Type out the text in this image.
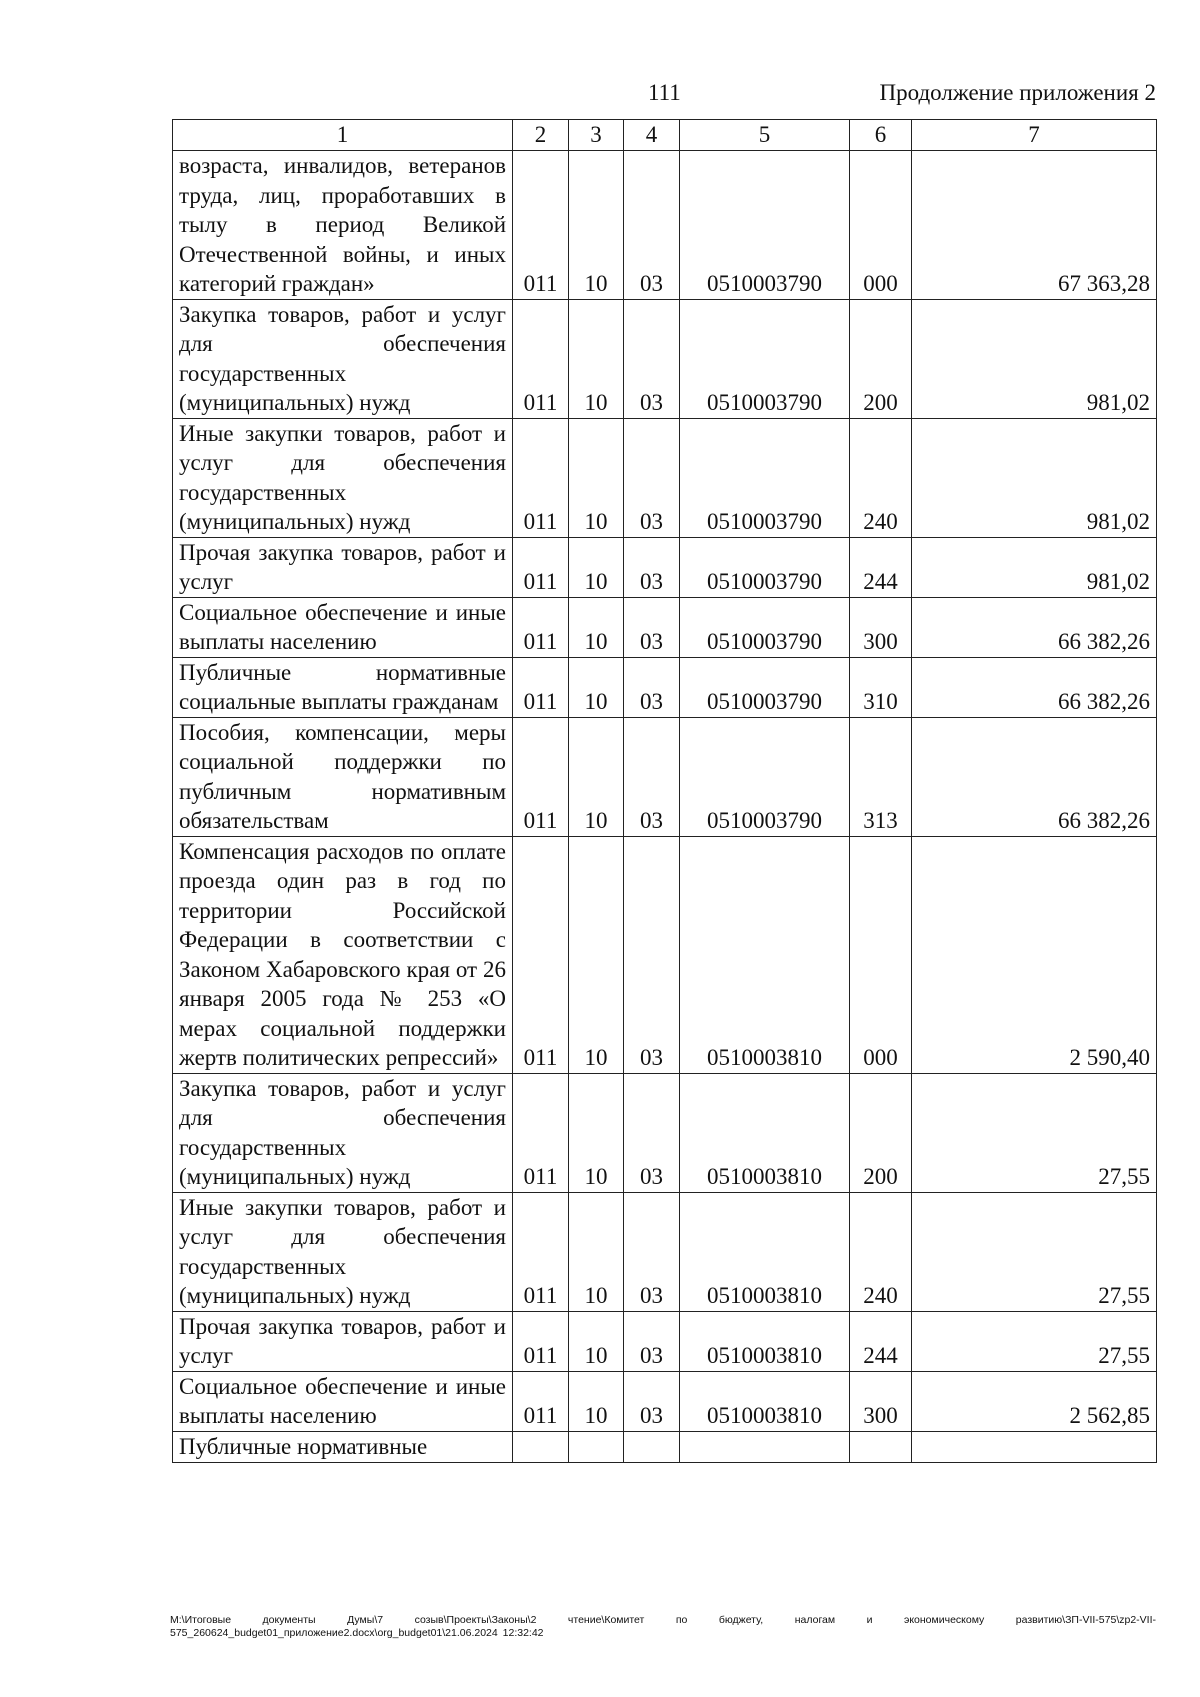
111	Продолжение приложения 2
1	2	3	4	5	6	7
возраста, инвалидов, ветеранов труда, лиц, проработавших в тылу в период Великой Отечественной войны, и иных категорий граждан»	011	10	03	0510003790	000	67 363,28
Закупка товаров, работ и услуг для обеспечения государственных (муниципальных) нужд	011	10	03	0510003790	200	981,02
Иные закупки товаров, работ и услуг для обеспечения государственных (муниципальных) нужд	011	10	03	0510003790	240	981,02
Прочая закупка товаров, работ и услуг	011	10	03	0510003790	244	981,02
Социальное обеспечение и иные выплаты населению	011	10	03	0510003790	300	66 382,26
Публичные нормативные социальные выплаты гражданам	011	10	03	0510003790	310	66 382,26
Пособия, компенсации, меры социальной поддержки по публичным нормативным обязательствам	011	10	03	0510003790	313	66 382,26
Компенсация расходов по оплате проезда один раз в год по территории Российской Федерации в соответствии с Законом Хабаровского края от 26 января 2005 года № 253 «О мерах социальной поддержки жертв политических репрессий»	011	10	03	0510003810	000	2 590,40
Закупка товаров, работ и услуг для обеспечения государственных (муниципальных) нужд	011	10	03	0510003810	200	27,55
Иные закупки товаров, работ и услуг для обеспечения государственных (муниципальных) нужд	011	10	03	0510003810	240	27,55
Прочая закупка товаров, работ и услуг	011	10	03	0510003810	244	27,55
Социальное обеспечение и иные выплаты населению	011	10	03	0510003810	300	2 562,85
Публичные нормативные						
M:\Итоговые документы Думы\7 созыв\Проекты\Законы\2 чтение\Комитет по бюджету, налогам и экономическому развитию\ЗП-VII-575\zp2-VII-575_260624_budget01_приложение2.docx\org_budget01\21.06.2024 12:32:42
